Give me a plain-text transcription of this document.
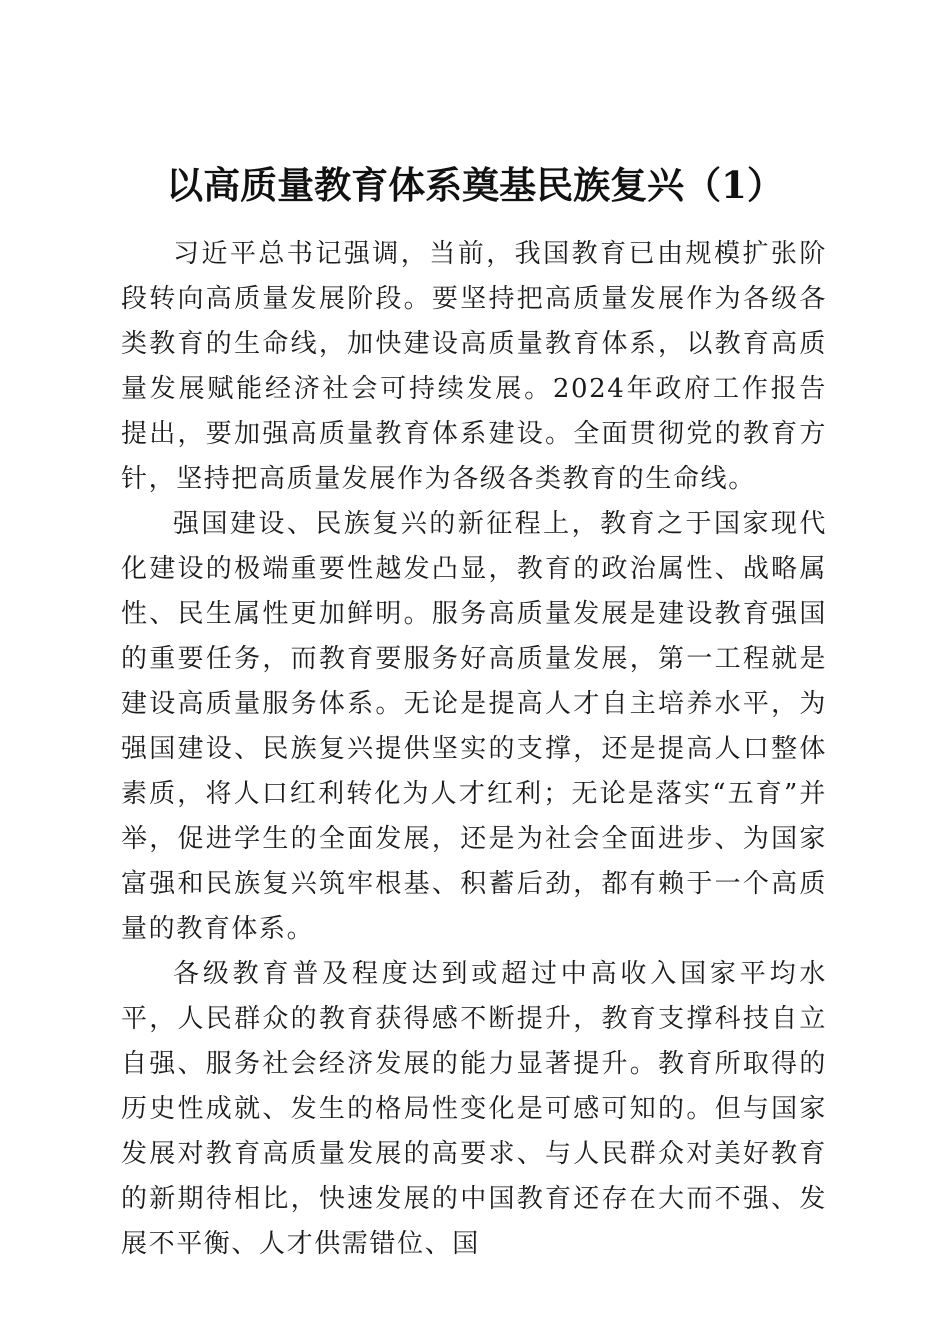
以高质量教育体系奠基民族复兴（1）

习近平总书记强调，当前，我国教育已由规模扩张阶段转向高质量发展阶段。要坚持把高质量发展作为各级各类教育的生命线，加快建设高质量教育体系，以教育高质量发展赋能经济社会可持续发展。2024年政府工作报告提出，要加强高质量教育体系建设。全面贯彻党的教育方针，坚持把高质量发展作为各级各类教育的生命线。

强国建设、民族复兴的新征程上，教育之于国家现代化建设的极端重要性越发凸显，教育的政治属性、战略属性、民生属性更加鲜明。服务高质量发展是建设教育强国的重要任务，而教育要服务好高质量发展，第一工程就是建设高质量服务体系。无论是提高人才自主培养水平，为强国建设、民族复兴提供坚实的支撑，还是提高人口整体素质，将人口红利转化为人才红利；无论是落实“五育”并举，促进学生的全面发展，还是为社会全面进步、为国家富强和民族复兴筑牢根基、积蓄后劲，都有赖于一个高质量的教育体系。

各级教育普及程度达到或超过中高收入国家平均水平，人民群众的教育获得感不断提升，教育支撑科技自立自强、服务社会经济发展的能力显著提升。教育所取得的历史性成就、发生的格局性变化是可感可知的。但与国家发展对教育高质量发展的高要求、与人民群众对美好教育的新期待相比，快速发展的中国教育还存在大而不强、发展不平衡、人才供需错位、国
